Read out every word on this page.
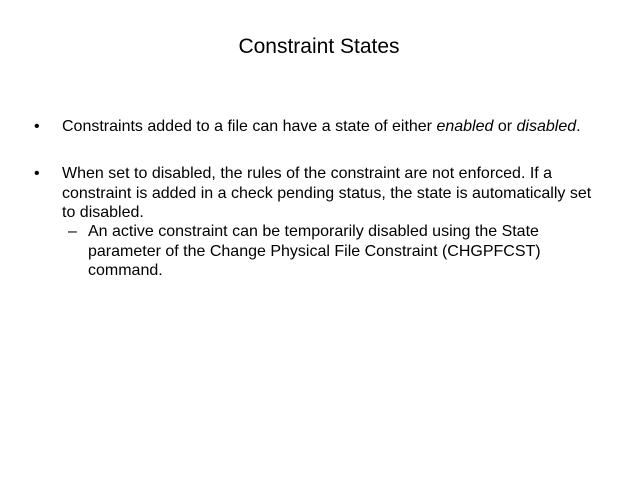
Constraint States
• Constraints added to a file can have a state of either enabled or disabled.
• When set to disabled, the rules of the constraint are not enforced. If a constraint is added in a check pending status, the state is automatically set to disabled.
– An active constraint can be temporarily disabled using the State parameter of the Change Physical File Constraint (CHGPFCST) command.
